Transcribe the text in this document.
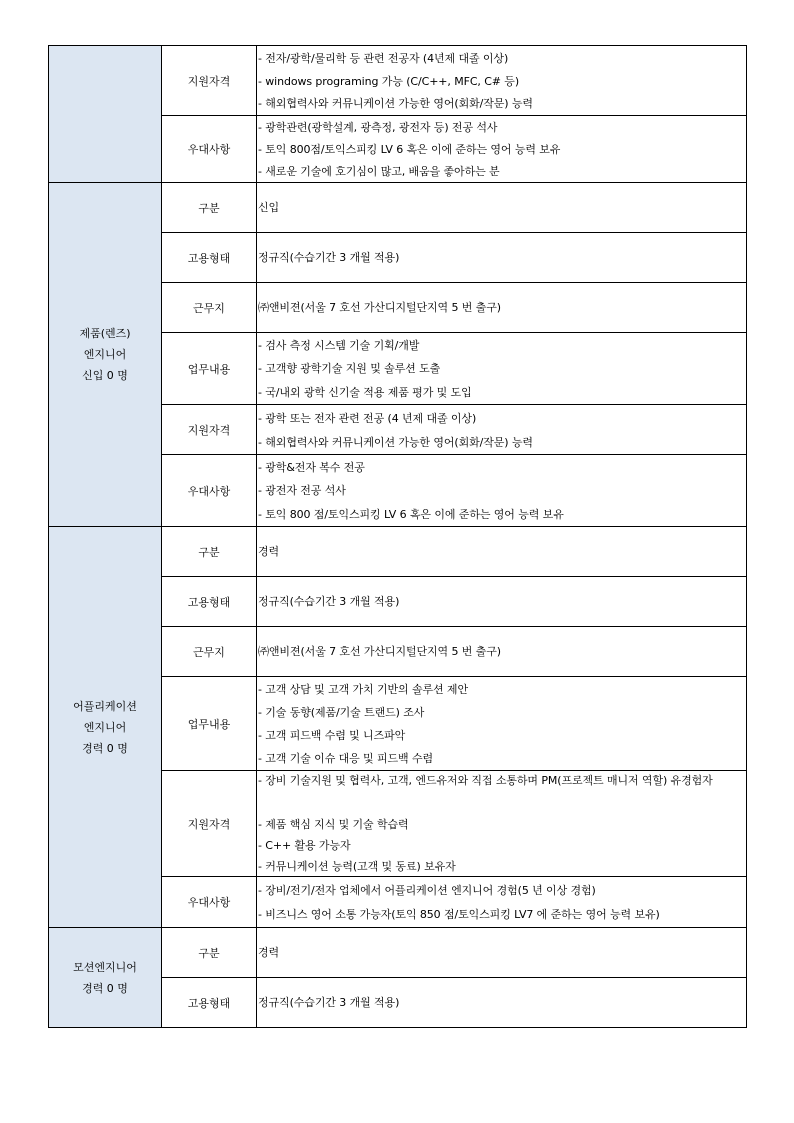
	지원자격	- 전자/광학/물리학 등 관련 전공자 (4년제 대졸 이상)
- windows programing 가능 (C/C++, MFC, C# 등)
- 해외협력사와 커뮤니케이션 가능한 영어(회화/작문) 능력

	우대사항	- 광학관련(광학설계, 광측정, 광전자 등) 전공 석사
- 토익 800점/토익스피킹 LV 6 혹은 이에 준하는 영어 능력 보유
- 새로운 기술에 호기심이 많고, 배움을 좋아하는 분

제품(렌즈)
엔지니어
신입 0 명	구분	신입

	고용형태	정규직(수습기간 3 개월 적용)

	근무지	㈜앤비젼(서울 7 호선 가산디지털단지역 5 번 출구)

	업무내용	- 검사 측정 시스템 기술 기획/개발
- 고객향 광학기술 지원 및 솔루션 도출
- 국/내외 광학 신기술 적용 제품 평가 및 도입

	지원자격	- 광학 또는 전자 관련 전공 (4 년제 대졸 이상)
- 해외협력사와 커뮤니케이션 가능한 영어(회화/작문) 능력

	우대사항	- 광학&전자 복수 전공
- 광전자 전공 석사
- 토익 800 점/토익스피킹 LV 6 혹은 이에 준하는 영어 능력 보유

어플리케이션
엔지니어
경력 0 명	구분	경력

	고용형태	정규직(수습기간 3 개월 적용)

	근무지	㈜앤비젼(서울 7 호선 가산디지털단지역 5 번 출구)

	업무내용	- 고객 상담 및 고객 가치 기반의 솔루션 제안
- 기술 동향(제품/기술 트랜드) 조사
- 고객 피드백 수렴 및 니즈파악
- 고객 기술 이슈 대응 및 피드백 수렴

	지원자격	- 장비 기술지원 및 협력사, 고객, 엔드유저와 직접 소통하며 PM(프로젝트 매니저 역할) 유경험자
- 제품 핵심 지식 및 기술 학습력
- C++ 활용 가능자
- 커뮤니케이션 능력(고객 및 동료) 보유자

	우대사항	- 장비/전기/전자 업체에서 어플리케이션 엔지니어 경험(5 년 이상 경험)
- 비즈니스 영어 소통 가능자(토익 850 점/토익스피킹 LV7 에 준하는 영어 능력 보유)

모션엔지니어
경력 0 명	구분	경력

	고용형태	정규직(수습기간 3 개월 적용)
